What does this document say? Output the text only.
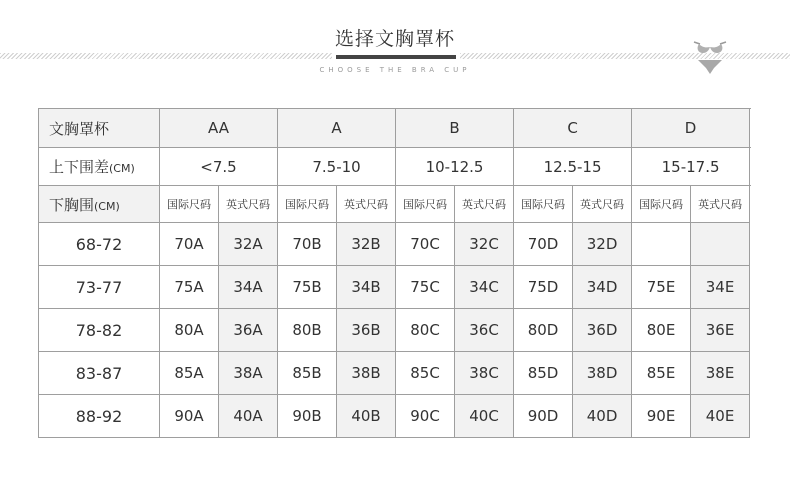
选择文胸罩杯
CHOOSE THE BRA CUP
文胸罩杯	AA		A		B		C		D	
上下围差(CM)	<7.5		7.5-10		10-12.5		12.5-15		15-17.5	
下胸围(CM)	国际尺码	英式尺码	国际尺码	英式尺码	国际尺码	英式尺码	国际尺码	英式尺码	国际尺码	英式尺码	
68-72	70A	32A	70B	32B	70C	32C	70D	32D			
73-77	75A	34A	75B	34B	75C	34C	75D	34D	75E	34E	
78-82	80A	36A	80B	36B	80C	36C	80D	36D	80E	36E	
83-87	85A	38A	85B	38B	85C	38C	85D	38D	85E	38E	
88-92	90A	40A	90B	40B	90C	40C	90D	40D	90E	40E	
